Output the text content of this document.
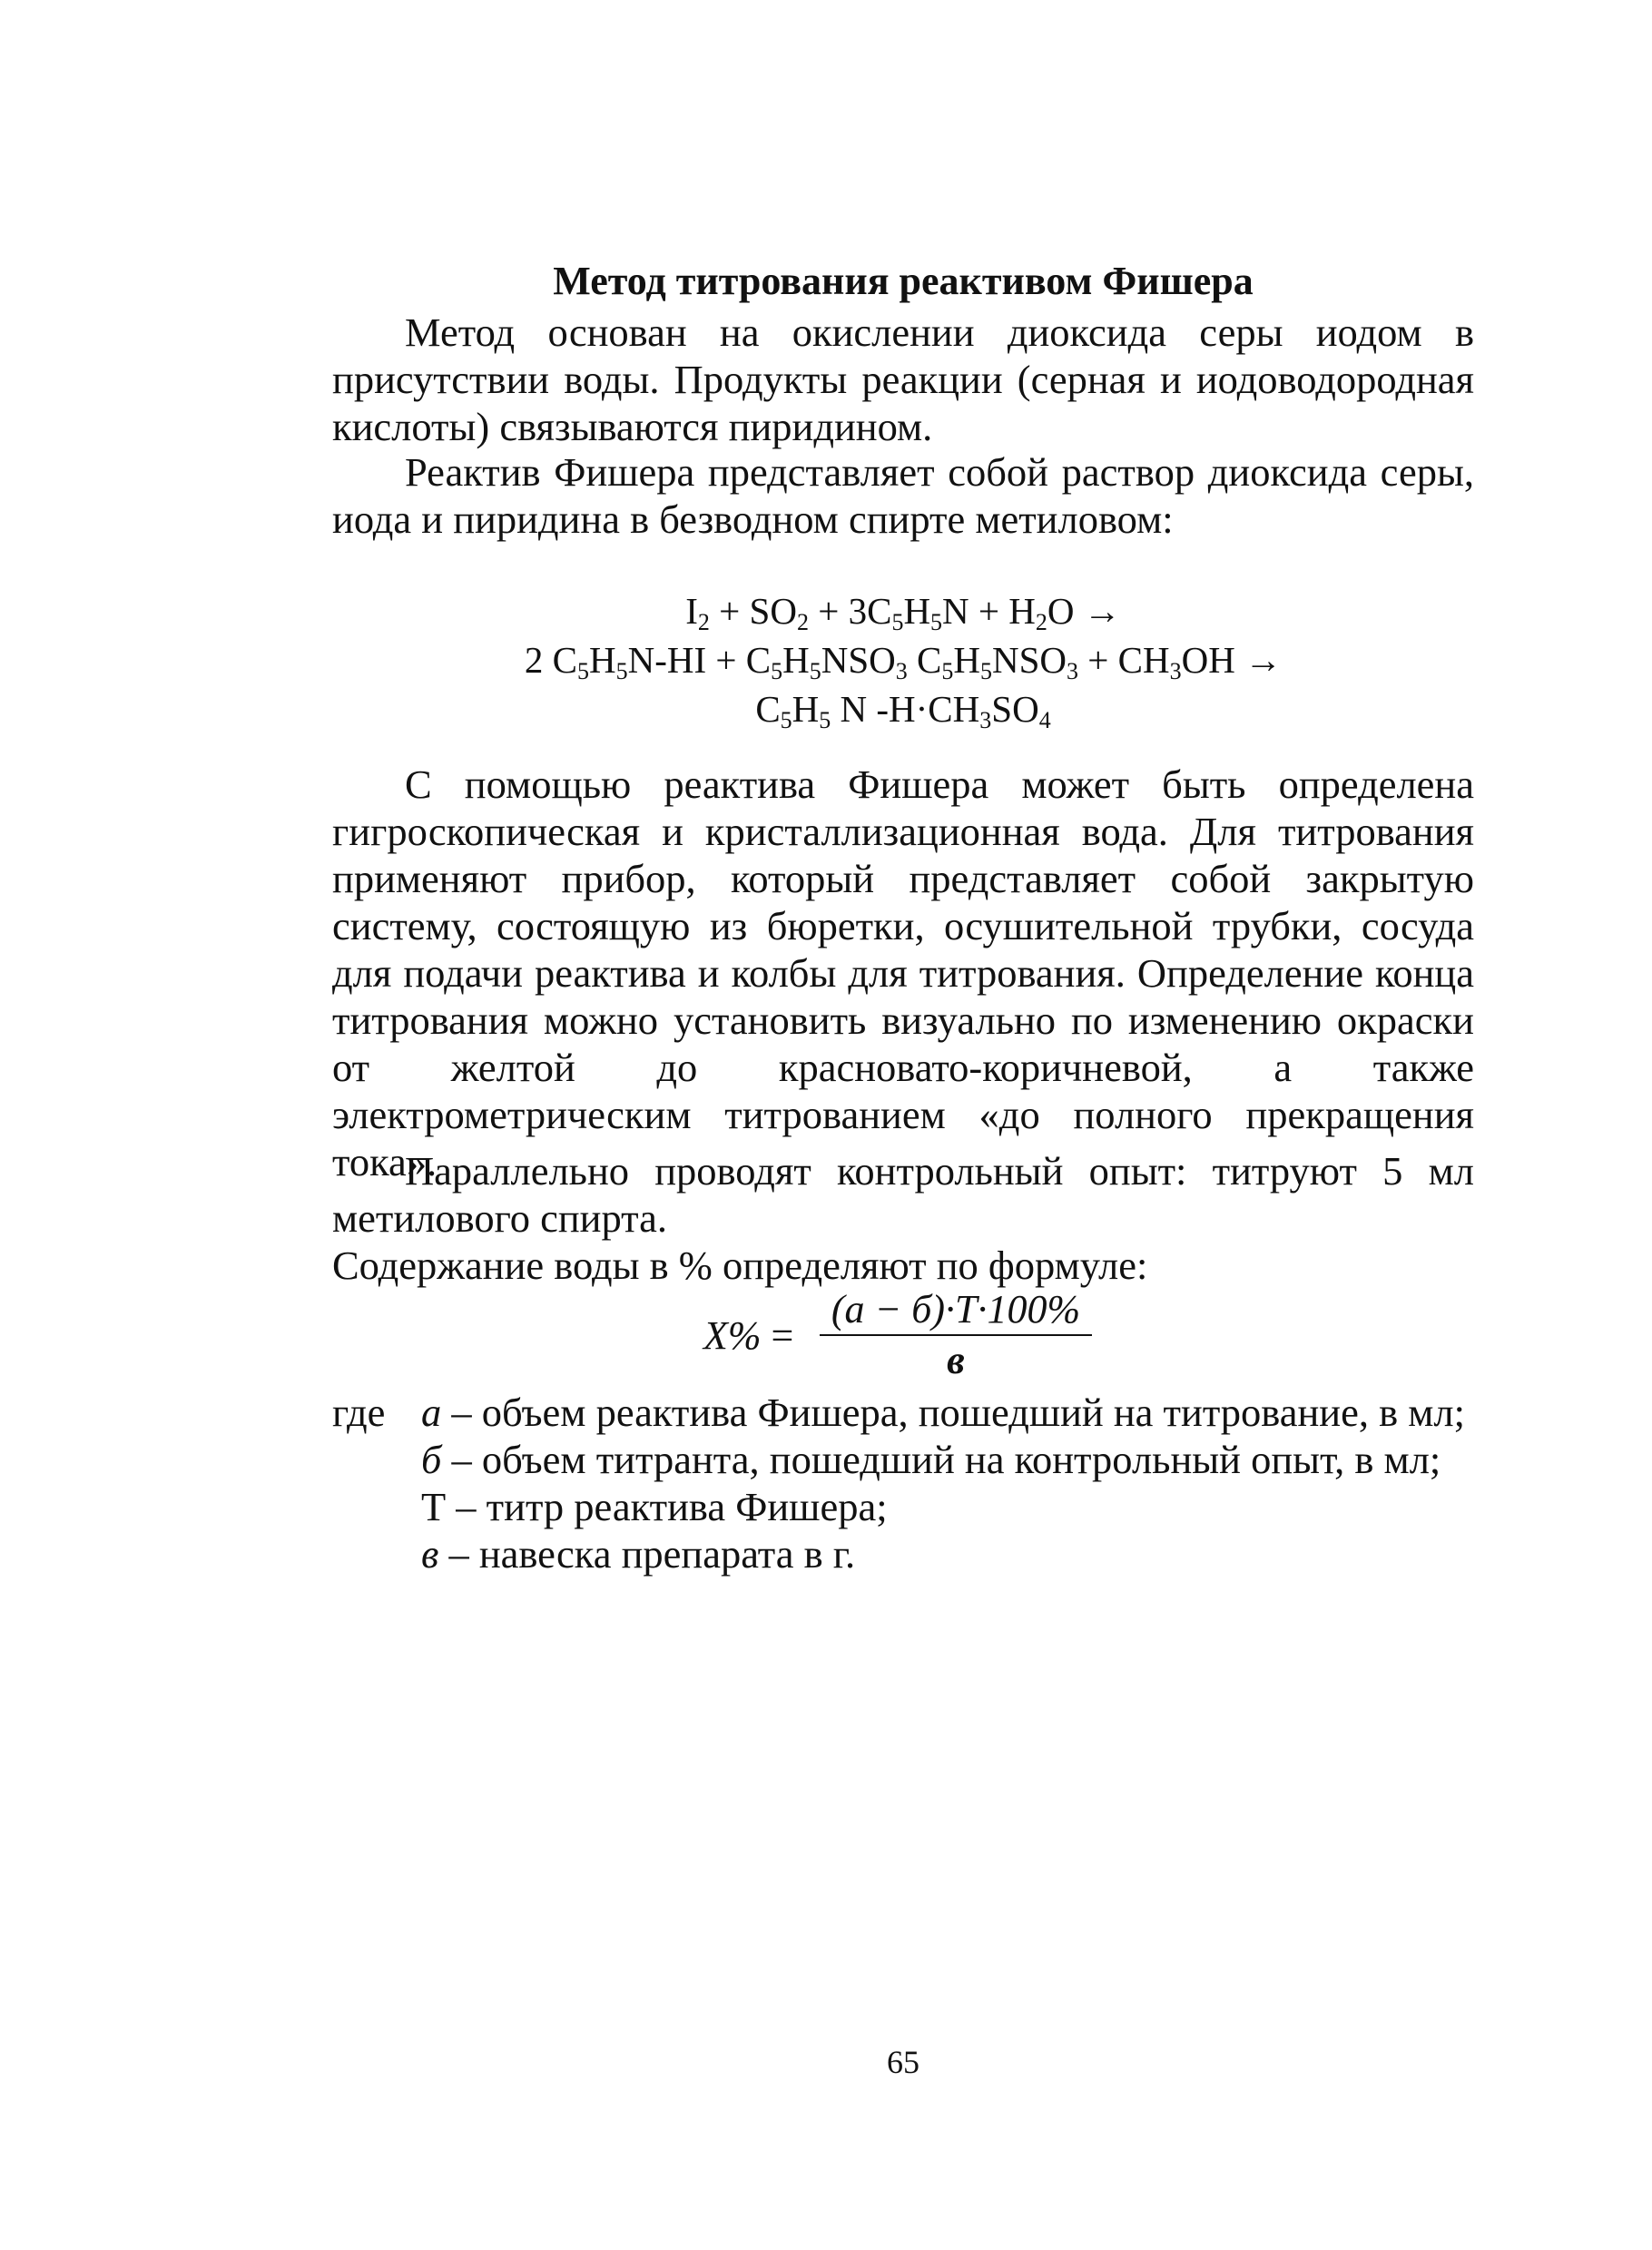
Метод титрования реактивом Фишера

Метод основан на окислении диоксида серы иодом в присутствии воды. Продукты реакции (серная и иодоводородная кислоты) связываются пиридином.

Реактив Фишера представляет собой раствор диоксида серы, иода и пиридина в безводном спирте метиловом:

$I_2 + SO_2 + 3C_5H_5N + H_2O$ →
2 $C_5H_5N-HI + C_5H_5NSO_3$ $C_5H_5NSO_3 + CH_3OH$ →
$C_5H_5$ N $-H\cdot CH_3SO_4$

С помощью реактива Фишера может быть определена гигроскопическая и кристаллизационная вода. Для титрования применяют прибор, который представляет собой закрытую систему, состоящую из бюретки, осушительной трубки, сосуда для подачи реактива и колбы для титрования. Определение конца титрования можно установить визуально по изменению окраски от желтой до красновато-коричневой, а также электрометрическим титрованием «до полного прекращения тока».

Параллельно проводят контрольный опыт: титруют 5 мл метилового спирта.

Содержание воды в % определяют по формуле:

X% =
(а − б)·T·100%
в
где а – объем реактива Фишера, пошедший на титрование, в мл;
б – объем титранта, пошедший на контрольный опыт, в мл;
Т – титр реактива Фишера;
в – навеска препарата в г.
65
